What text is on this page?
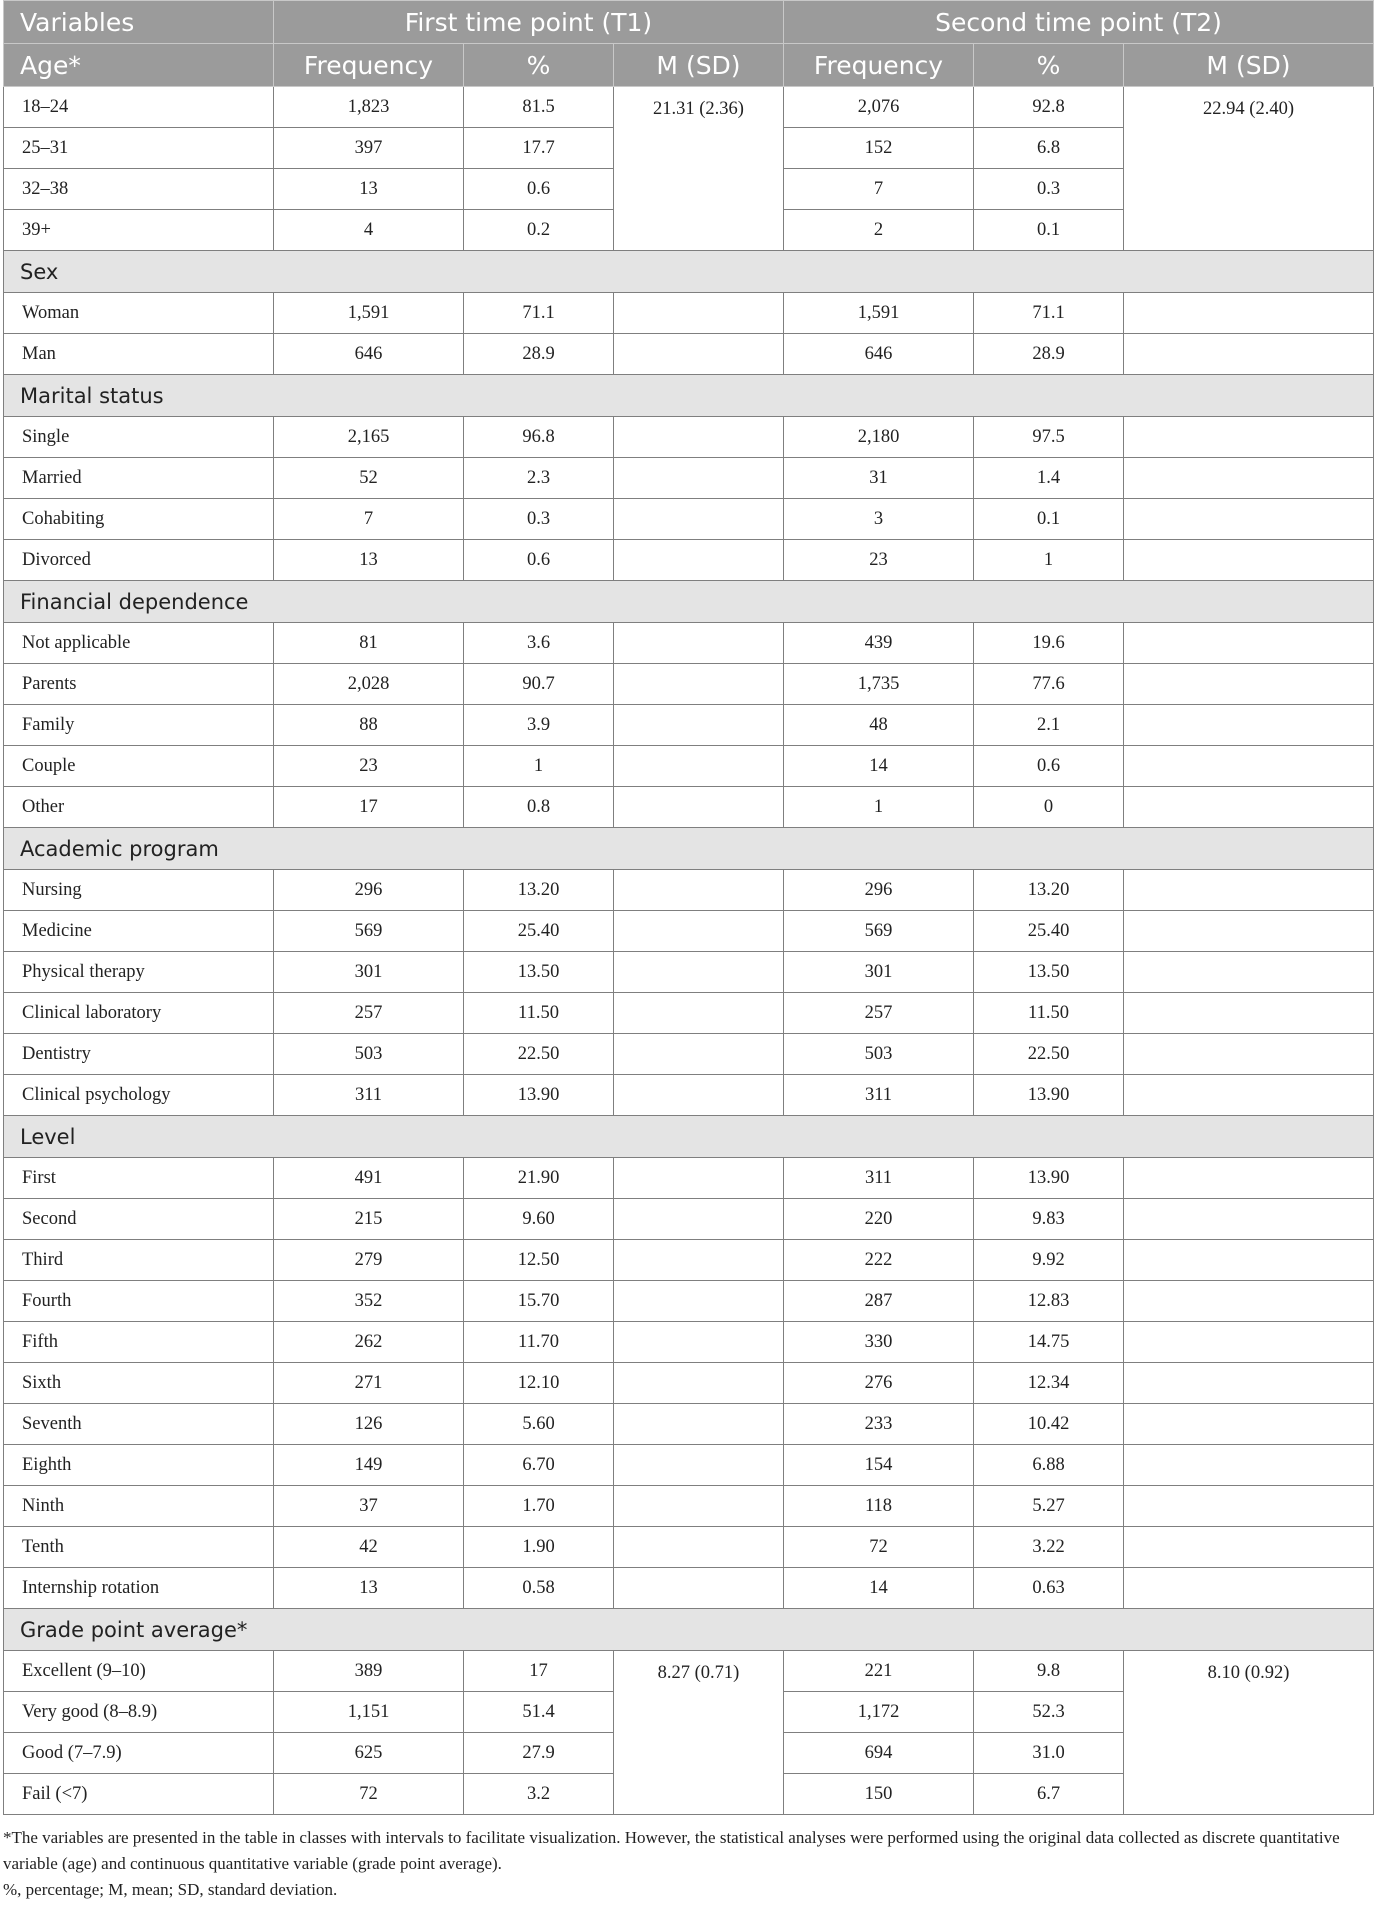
Variables	First time point (T1)			Second time point (T2)		
Age*	Frequency	%	M (SD)	Frequency	%	M (SD)
18–24	1,823	81.5	21.31 (2.36)	2,076	92.8	22.94 (2.40)
25–31	397	17.7		152	6.8	
32–38	13	0.6		7	0.3	
39+	4	0.2		2	0.1	
Sex						
Woman	1,591	71.1		1,591	71.1	
Man	646	28.9		646	28.9	
Marital status						
Single	2,165	96.8		2,180	97.5	
Married	52	2.3		31	1.4	
Cohabiting	7	0.3		3	0.1	
Divorced	13	0.6		23	1	
Financial dependence						
Not applicable	81	3.6		439	19.6	
Parents	2,028	90.7		1,735	77.6	
Family	88	3.9		48	2.1	
Couple	23	1		14	0.6	
Other	17	0.8		1	0	
Academic program						
Nursing	296	13.20		296	13.20	
Medicine	569	25.40		569	25.40	
Physical therapy	301	13.50		301	13.50	
Clinical laboratory	257	11.50		257	11.50	
Dentistry	503	22.50		503	22.50	
Clinical psychology	311	13.90		311	13.90	
Level						
First	491	21.90		311	13.90	
Second	215	9.60		220	9.83	
Third	279	12.50		222	9.92	
Fourth	352	15.70		287	12.83	
Fifth	262	11.70		330	14.75	
Sixth	271	12.10		276	12.34	
Seventh	126	5.60		233	10.42	
Eighth	149	6.70		154	6.88	
Ninth	37	1.70		118	5.27	
Tenth	42	1.90		72	3.22	
Internship rotation	13	0.58		14	0.63	
Grade point average*						
Excellent (9–10)	389	17	8.27 (0.71)	221	9.8	8.10 (0.92)
Very good (8–8.9)	1,151	51.4		1,172	52.3	
Good (7–7.9)	625	27.9		694	31.0	
Fail (<7)	72	3.2		150	6.7	

*The variables are presented in the table in classes with intervals to facilitate visualization. However, the statistical analyses were performed using the original data collected as discrete quantitative variable (age) and continuous quantitative variable (grade point average).

%, percentage; M, mean; SD, standard deviation.
